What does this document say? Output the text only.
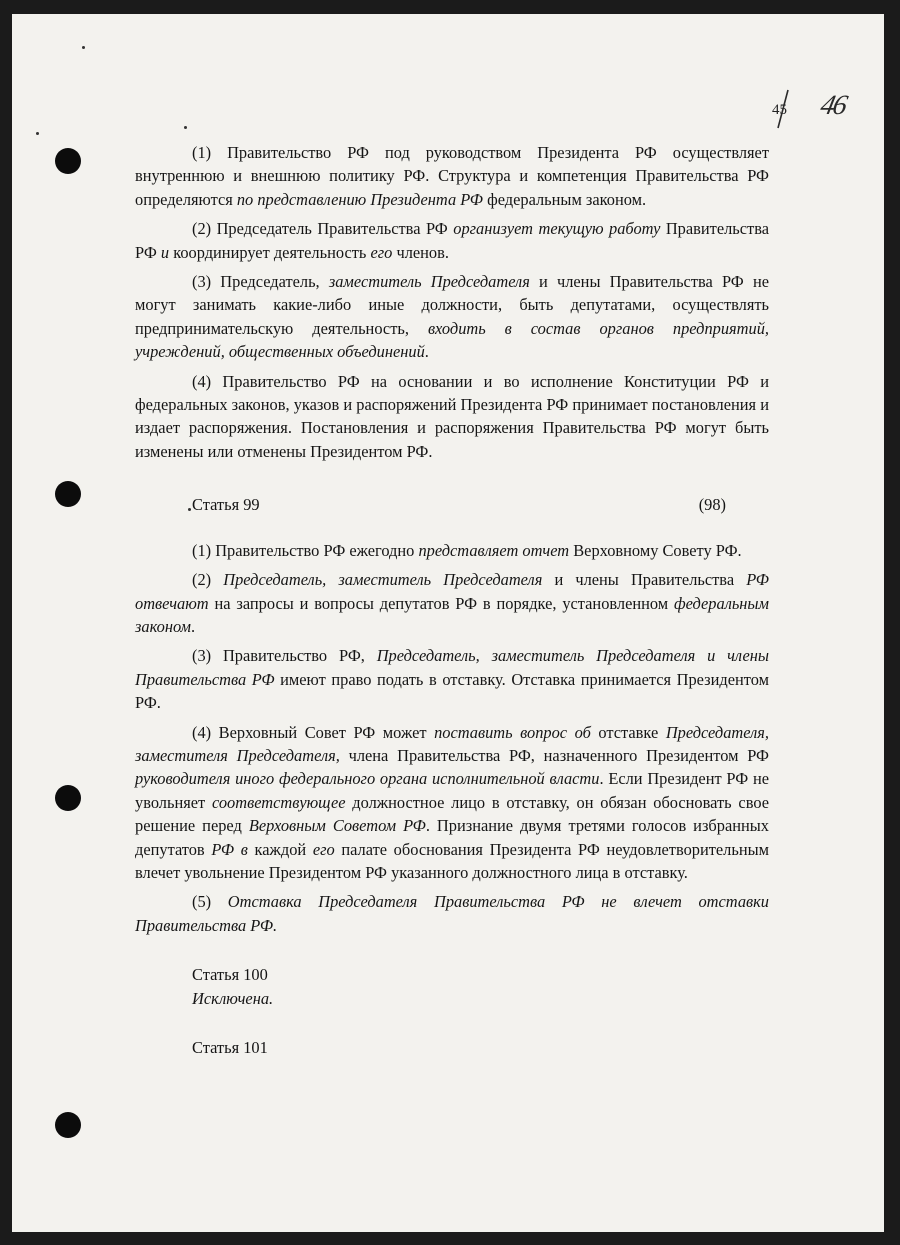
45 46

(1) Правительство РФ под руководством Президента РФ осуществляет внутреннюю и внешнюю политику РФ. Структура и компетенция Правительства РФ определяются по представлению Президента РФ федеральным законом.

(2) Председатель Правительства РФ организует текущую работу Правительства РФ и координирует деятельность его членов.

(3) Председатель, заместитель Председателя и члены Правительства РФ не могут занимать какие-либо иные должности, быть депутатами, осуществлять предпринимательскую деятельность, входить в состав органов предприятий, учреждений, общественных объединений.

(4) Правительство РФ на основании и во исполнение Конституции РФ и федеральных законов, указов и распоряжений Президента РФ принимает постановления и издает распоряжения. Постановления и распоряжения Правительства РФ могут быть изменены или отменены Президентом РФ.

Статья 99	(98)

(1) Правительство РФ ежегодно представляет отчет Верховному Совету РФ.

(2) Председатель, заместитель Председателя и члены Правительства РФ отвечают на запросы и вопросы депутатов РФ в порядке, установленном федеральным законом.

(3) Правительство РФ, Председатель, заместитель Председателя и члены Правительства РФ имеют право подать в отставку. Отставка принимается Президентом РФ.

(4) Верховный Совет РФ может поставить вопрос об отставке Председателя, заместителя Председателя, члена Правительства РФ, назначенного Президентом РФ руководителя иного федерального органа исполнительной власти. Если Президент РФ не увольняет соответствующее должностное лицо в отставку, он обязан обосновать свое решение перед Верховным Советом РФ. Признание двумя третями голосов избранных депутатов РФ в каждой его палате обоснования Президента РФ неудовлетворительным влечет увольнение Президентом РФ указанного должностного лица в отставку.

(5) Отставка Председателя Правительства РФ не влечет отставки Правительства РФ.

Статья 100
Исключена.
Статья 101
